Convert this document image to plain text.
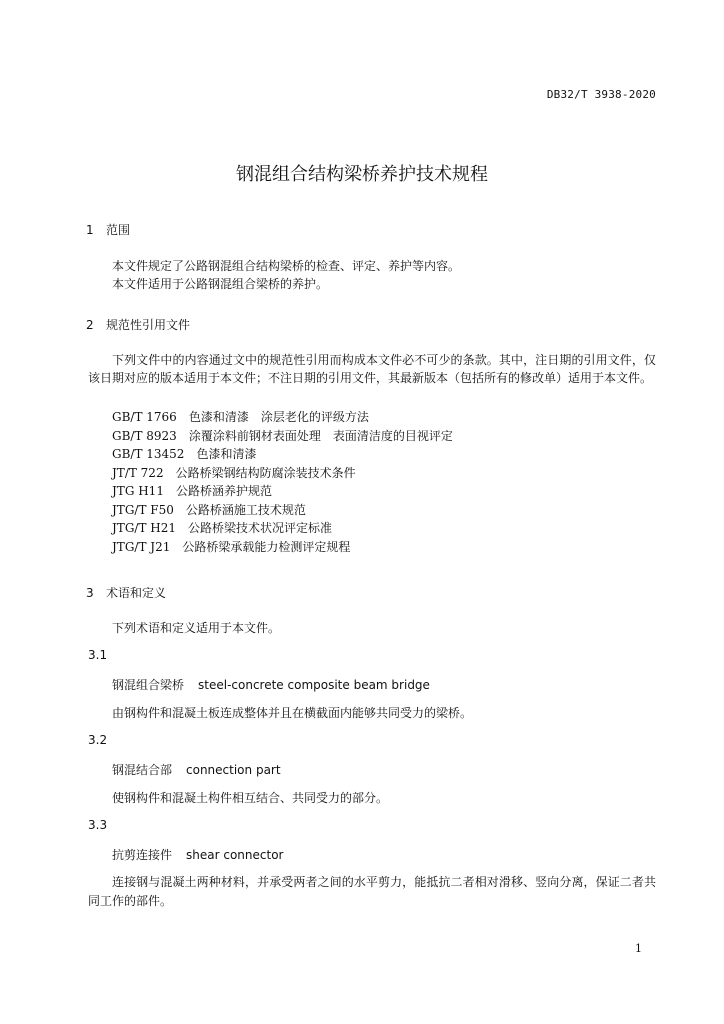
DB32/T 3938-2020
钢混组合结构梁桥养护技术规程
1 范围

本文件规定了公路钢混组合结构梁桥的检查、评定、养护等内容。

本文件适用于公路钢混组合梁桥的养护。

2 规范性引用文件

下列文件中的内容通过文中的规范性引用而构成本文件必不可少的条款。其中，注日期的引用文件，仅该日期对应的版本适用于本文件；不注日期的引用文件，其最新版本（包括所有的修改单）适用于本文件。

GB/T 1766　 色漆和清漆　涂层老化的评级方法
GB/T 8923　 涂覆涂料前钢材表面处理　表面清洁度的目视评定
GB/T 13452　 色漆和清漆
JT/T 722　 公路桥梁钢结构防腐涂装技术条件
JTG H11　 公路桥涵养护规范
JTG/T F50　 公路桥涵施工技术规范
JTG/T H21　 公路桥梁技术状况评定标准
JTG/T J21　 公路桥梁承载能力检测评定规程
3 术语和定义

下列术语和定义适用于本文件。

3.1
钢混组合梁桥 steel-concrete composite beam bridge

由钢构件和混凝土板连成整体并且在横截面内能够共同受力的梁桥。

3.2
钢混结合部 connection part

使钢构件和混凝土构件相互结合、共同受力的部分。

3.3
抗剪连接件 shear connector

连接钢与混凝土两种材料，并承受两者之间的水平剪力，能抵抗二者相对滑移、竖向分离，保证二者共同工作的部件。

1
